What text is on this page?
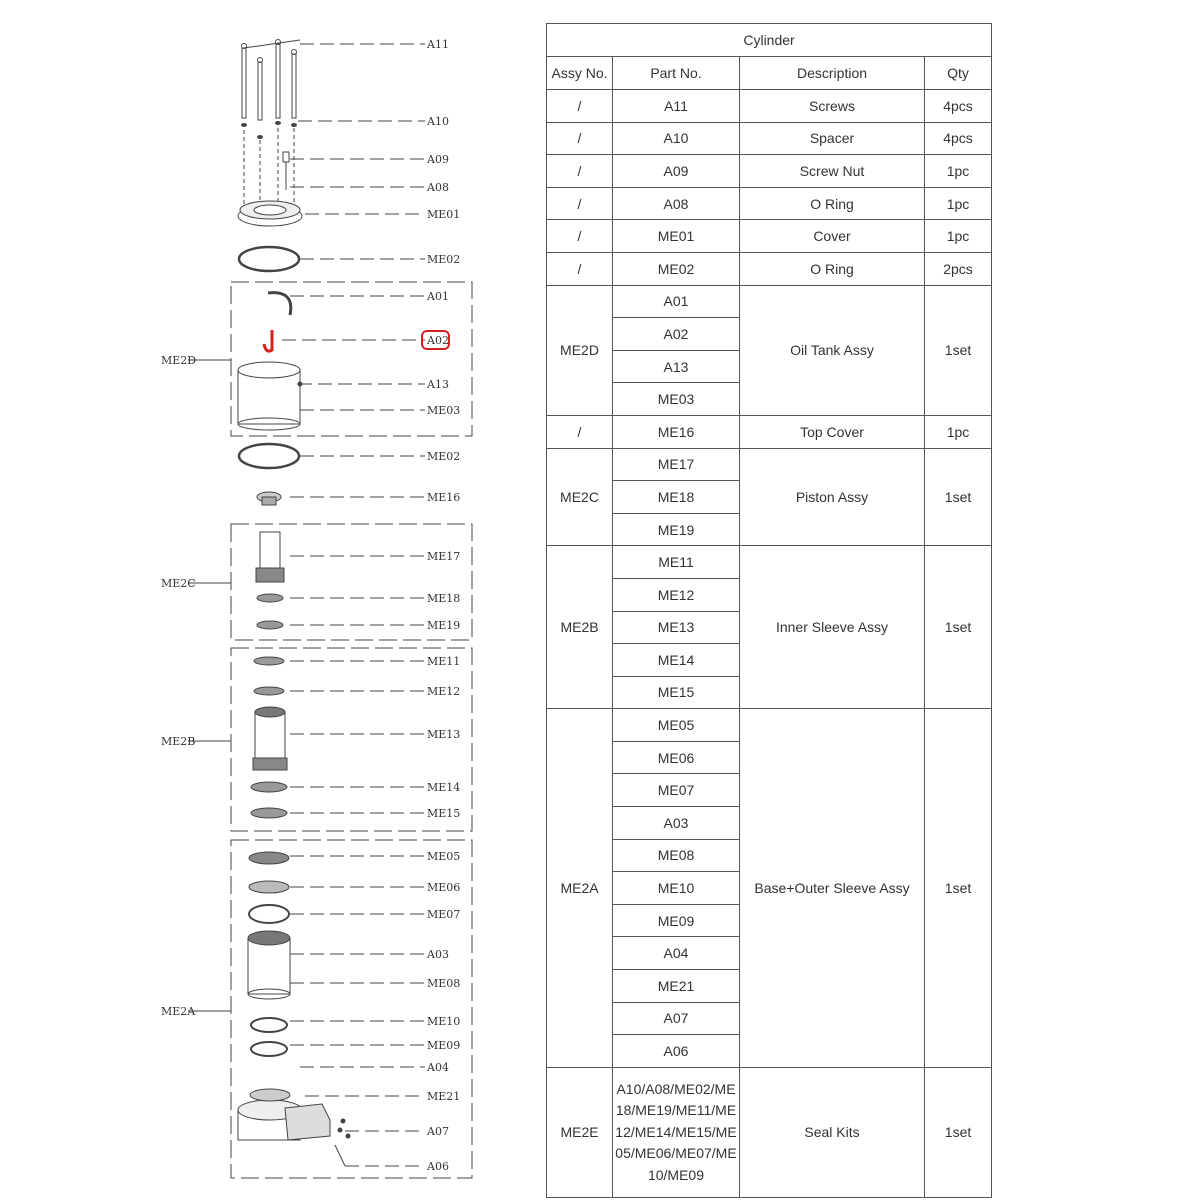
ME2D
ME2C
ME2B
ME2A
A11
A10
A09
A08
ME01
ME02
A01
A02
A13
ME03
ME02
ME16
ME17
ME18
ME19
ME11
ME12
ME13
ME14
ME15
ME05
ME06
ME07
A03
ME08
ME10
ME09
A04
ME21
A07
A06
Cylinder			
Assy No.	Part No.	Description	Qty
/	A11	Screws	4pcs
/	A10	Spacer	4pcs
/	A09	Screw Nut	1pc
/	A08	O Ring	1pc
/	ME01	Cover	1pc
/	ME02	O Ring	2pcs
ME2D	A01	Oil Tank Assy	1set
	A02		
	A13		
	ME03		
/	ME16	Top Cover	1pc
ME2C	ME17	Piston Assy	1set
	ME18		
	ME19		
ME2B	ME11	Inner Sleeve Assy	1set
	ME12		
	ME13		
	ME14		
	ME15		
ME2A	ME05	Base+Outer Sleeve Assy	1set
	ME06		
	ME07		
	A03		
	ME08		
	ME10		
	ME09		
	A04		
	ME21		
	A07		
	A06		
ME2E	A10/A08/ME02/ME18/ME19/ME11/ME12/ME14/ME15/ME05/ME06/ME07/ME10/ME09	Seal Kits	1set
